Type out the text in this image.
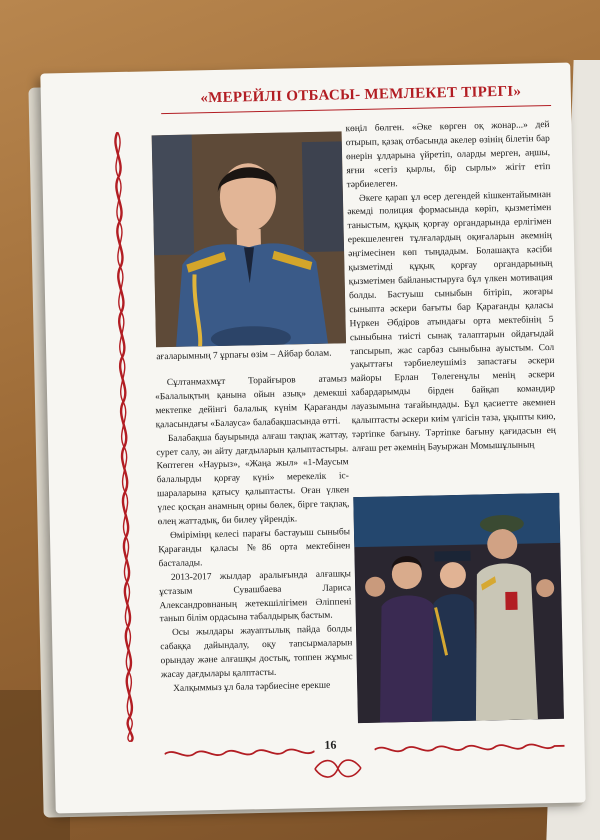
«МЕРЕЙЛІ ОТБАСЫ- МЕМЛЕКЕТ ТІРЕГІ»
ағаларымның 7 ұрпағы өзім – Айбар болам.

Сұлтанмахмұт Торайғыров атамыз «Балалықтың қанына ойын азық» демекші мектепке дейінгі балалық күнім Қарағанды қаласындағы «Балауса» балабақшасында өтті.

Балабақша бауырында алғаш тақпақ жаттау, сурет салу, ән айту дағдыларын қалыптастыры. Көптеген «Наурыз», «Жаңа жыл» «1-Маусым балалырды қорғау күні» мерекелік іс-шараларына қатысу қалыптасты. Оған үлкен үлес қосқан анамның орны бөлек, бірге тақпақ, өлең жаттадық, би билеу үйрендік.

Өміріміңң келесі парағы бастауыш сыныбы Қарағанды қаласы №86 орта мектебінен басталады.

2013-2017 жылдар аралығында алғашқы ұстазым Сувашбаева Лариса Александровнаның жетекшілігімен Әліппені танып білім ордасына табалдырық бастым.

Осы жылдары жауаптылық пайда болды сабаққа дайындалу, оқу тапсырмаларын орындау және алғашқы достық, топпен жұмыс жасау дағдылары қалптасты.

Халқыммыз ұл бала тәрбиесіне ерекше

көңіл бөлген. «Әке көрген оқ жонар...» дей отырып, қазақ отбасында әкелер өзінің білетін бар өнерін ұлдарына үйретіп, оларды мерген, аңшы, яғни «сегіз қырлы, бір сырлы» жігіт етіп тәрбиелеген.

Әкеге қарап ұл өсер дегендей кішкентайымнан әкемді полиция формасында көріп, қызметімен таныстым, құқық қорғау органдарында ерлігімен ерекшеленген тұлғалардың оқиғаларын әкемнің әңгімесінен көп тыңдадым. Болашақта кәсіби қызметімді құқық қорғау органдарының қызметімен байланыстыруға бұл үлкен мотивация болды. Бастуыш сыныбын бітіріп, жоғары сыныпта әскери бағыты бар Қарағанды қаласы Нүркен Әбдіров атындағы орта мектебінің 5 сыныбына тиісті сынақ талаптарын ойдағыдай тапсырып, жас сарбаз сыныбына ауыстым. Сол уақыттағы тәрбиелеушіміз запастағы әскери майоры Ерлан Төлегенұлы менің әскери хабардарымды бірден байқап командир лауазымына тағайындады. Бұл қасиетте әкемнен қалыптасты әскери киім үлгісін таза, ұқыпты кию, тәртіпке бағыну. Тәртіпке бағыну қағидасын ең алғаш рет әкемнің Бауыржан Момышұлының

16
